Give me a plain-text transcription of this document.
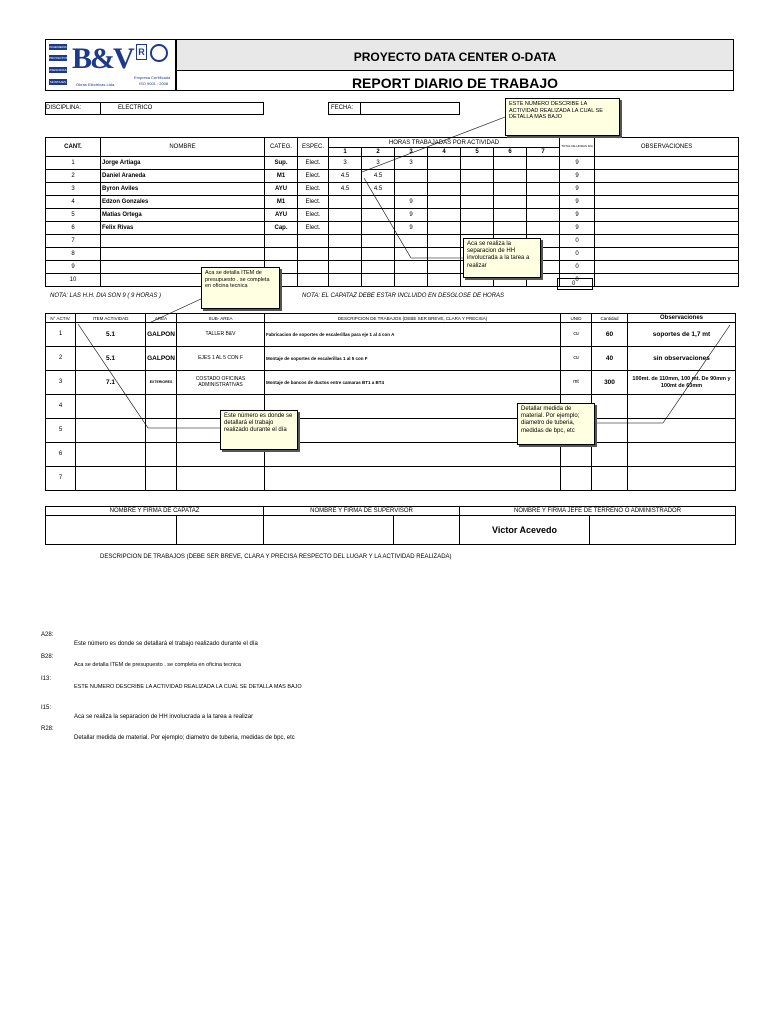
INGENIERIA
PROYECTOS
ASESORIAS
MONTAJES
B&V
Obras Eléctricas Ltda.
R
Empresa Certificada
ISO 9001 : 2008
PROYECTO DATA CENTER O-DATA
REPORT DIARIO DE TRABAJO
DISCIPLINA:	ELECTRICO	FECHA:
CANT.	NOMBRE	CATEG.	ESPEC.	HORAS TRABAJADAS POR ACTIVIDAD							TOTAL DE HORAS DIA	OBSERVACIONES
				1	2	3	4	5	6	7		
1	Jorge Artiaga	Sup.	Elect.	3	3	3					9	
2	Daniel Araneda	M1	Elect.	4.5	4.5						9	
3	Byron Aviles	AYU	Elect.	4.5	4.5						9	
4	Edzon Gonzales	M1	Elect.			9					9	
5	Matias Ortega	AYU	Elect.			9					9	
6	Felix Rivas	Cap.	Elect.			9					9	
7											0	
8											0	
9											0	
10											0	
0
NOTA: LAS H.H. DIA SON 9 ( 9 HORAS )	NOTA: EL CAPATAZ DEBE ESTAR INCLUIDO EN DESGLOSE DE HORAS
N° ACTIV.	ITEM ACTIVIDAD	AREA	SUB- AREA	DESCRIPCION DE TRABAJOS (DEBE SER BREVE, CLARA Y PRECISA)	UNID	Cantidad	Observaciones
1	5.1	GALPON	TALLER B&V	Fabricacion de soportes de escalerillas para eje 1 al 4 con A	cu	60	soportes de 1,7 mt
2	5.1	GALPON	EJES 1 AL 5 CON F	Montaje de soportes de escalerillas 1 al 5 con F	cu	40	sin observaciones
3	7.1	EXTERIORES	COSTADO OFICINAS ADMINISTRATIVAS	Montaje de bancos de ductos entre camaras BT1 a BT4	mt	300	100mt. de 110mm, 100 mt. De 90mm y 100mt de 63mm
4							
5							
6							
7							
NOMBRE Y FIRMA DE CAPATAZ		NOMBRE Y FIRMA DE SUPERVISOR		NOMBRE Y FIRMA JEFE DE TERRENO O ADMINISTRADOR	
				Victor Acevedo	
DESCRIPCION DE TRABAJOS (DEBE SER BREVE, CLARA Y PRECISA RESPECTO DEL LUGAR Y LA ACTIVIDAD REALIZADA)
A28:
Este número es donde se detallará el trabajo realizado durante el día
B28:
Aca se detalla ITEM de presupuesto . se completa en oficina tecnica
I13:
ESTE NUMERO DESCRIBE LA ACTIVIDAD REALIZADA LA CUAL SE DETALLA MAS BAJO
I15:
Aca se realiza la separacion de HH involucrada a la tarea a realizar
R28:
Detallar medida de material. Por ejemplo; diametro de tuberia, medidas de bpc, etc
ESTE NUMERO DESCRIBE LA ACTIVIDAD REALIZADA LA CUAL SE DETALLA MAS BAJO
Aca se realiza la separacion de HH involucrada a la tarea a realizar
Aca se detalla ITEM de presupuesto . se completa en oficina tecnica
Este número es donde se detallará el trabajo realizado durante el día
Detallar medida de material. Por ejemplo; diametro de tuberia, medidas de bpc, etc
